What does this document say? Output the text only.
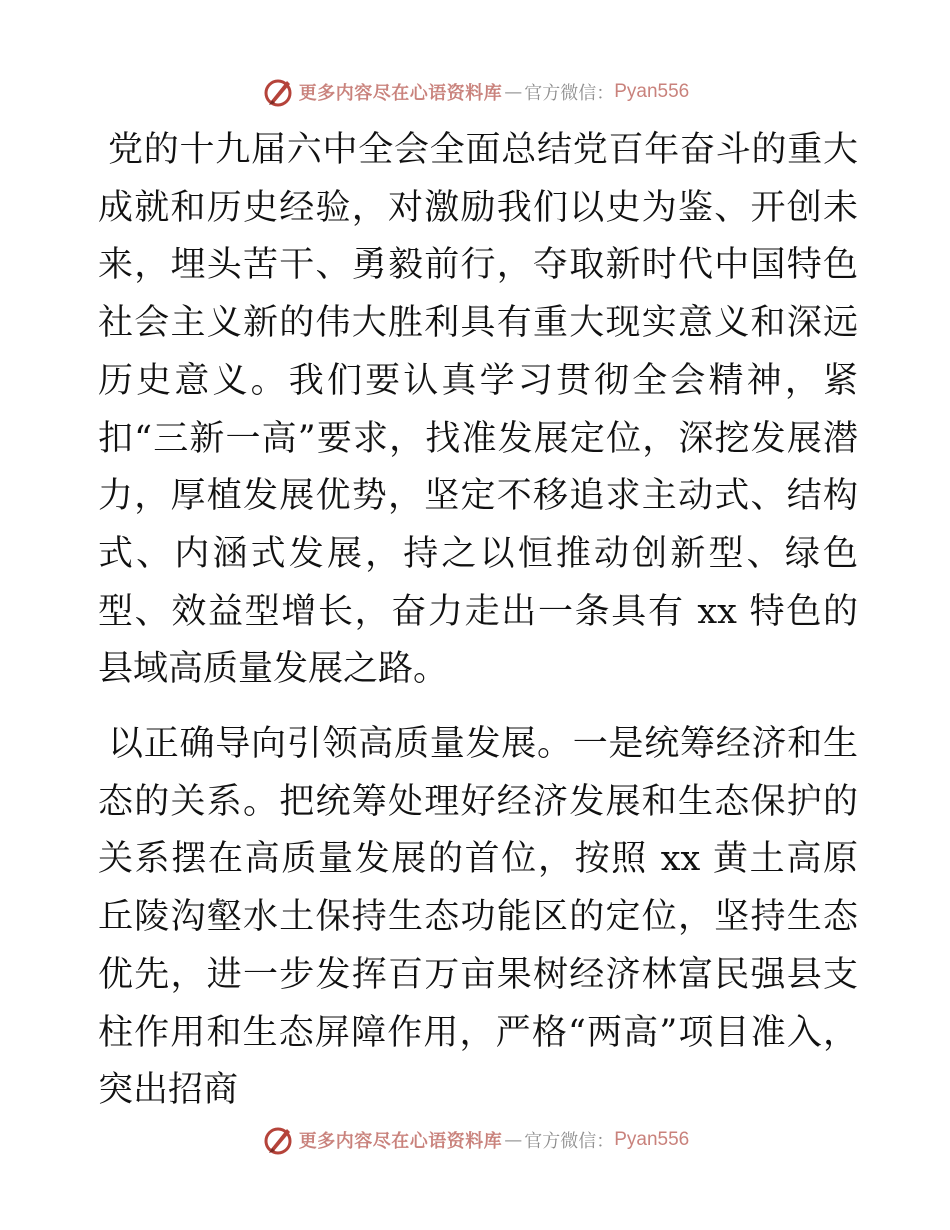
更多内容尽在心语资料库 — 官方微信： Pyan556

党的十九届六中全会全面总结党百年奋斗的重大成就和历史经验，对激励我们以史为鉴、开创未来，埋头苦干、勇毅前行，夺取新时代中国特色社会主义新的伟大胜利具有重大现实意义和深远历史意义。我们要认真学习贯彻全会精神，紧扣“三新一高”要求，找准发展定位，深挖发展潜力，厚植发展优势，坚定不移追求主动式、结构式、内涵式发展，持之以恒推动创新型、绿色型、效益型增长，奋力走出一条具有 xx 特色的县域高质量发展之路。

以正确导向引领高质量发展。一是统筹经济和生态的关系。把统筹处理好经济发展和生态保护的关系摆在高质量发展的首位，按照 xx 黄土高原丘陵沟壑水土保持生态功能区的定位，坚持生态优先，进一步发挥百万亩果树经济林富民强县支柱作用和生态屏障作用，严格“两高”项目准入，突出招商

更多内容尽在心语资料库 — 官方微信： Pyan556
